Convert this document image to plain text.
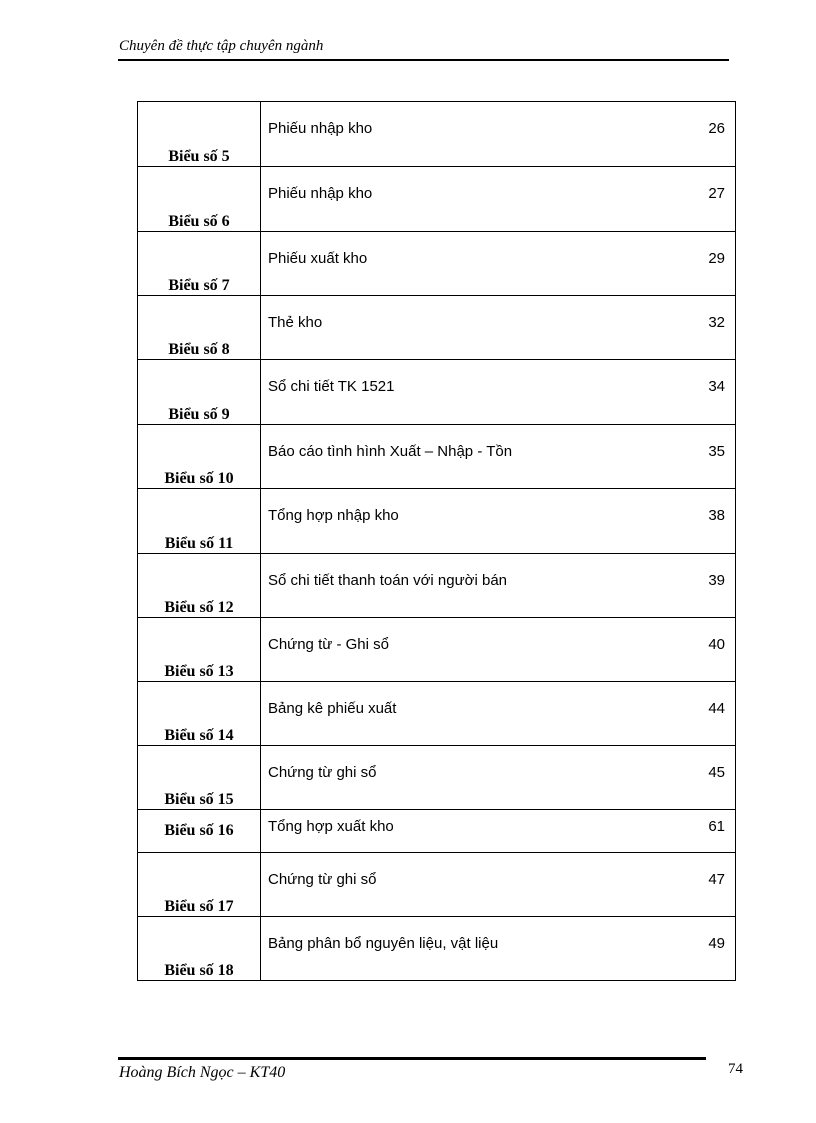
Chuyên đề thực tập chuyên ngành
Biểu số 5	Phiếu nhập kho 26

Biểu số 6	Phiếu nhập kho 27

Biểu số 7	Phiếu xuất kho 29

Biểu số 8	Thẻ kho 32

Biểu số 9	Sổ chi tiết TK 1521 34

Biểu số 10	Báo cáo tình hình Xuất – Nhập - Tồn 35

Biểu số 11	Tổng hợp nhập kho 38

Biểu số 12	Sổ chi tiết thanh toán với người bán 39

Biểu số 13	Chứng từ - Ghi sổ 40

Biểu số 14	Bảng kê phiếu xuất 44

Biểu số 15	Chứng từ ghi sổ 45

Biểu số 16	Tổng hợp xuất kho 61

Biểu số 17	Chứng từ ghi sổ 47

Biểu số 18	Bảng phân bổ nguyên liệu, vật liệu 49
Hoàng Bích Ngọc – KT40	74
